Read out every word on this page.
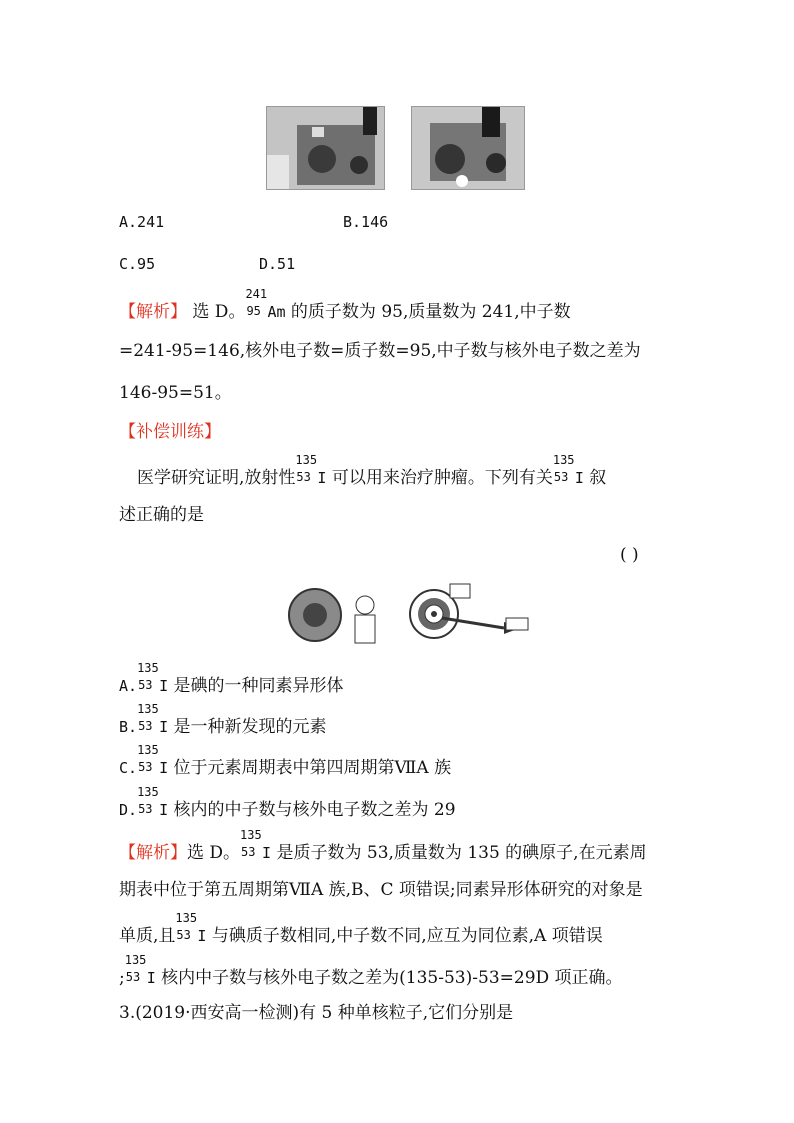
A.241	B.146
C.95	D.51
【解析】 选 D。
241
95 Am 的质子数为 95,质量数为 241,中子数
=241-95=146,核外电子数=质子数=95,中子数与核外电子数之差为
146-95=51。
【补偿训练】
医学研究证明,放射性
135
53 I 可以用来治疗肿瘤。下列有关
135
53 I 叙
述正确的是
( )
A.
135
53 I 是碘的一种同素异形体
B.
135
53 I 是一种新发现的元素
C.
135
53 I 位于元素周期表中第四周期第ⅦA 族
D.
135
53 I 核内的中子数与核外电子数之差为 29
【解析】选 D。
135
53 I 是质子数为 53,质量数为 135 的碘原子,在元素周
期表中位于第五周期第ⅦA 族,B、C 项错误;同素异形体研究的对象是
单质,且
135
53 I 与碘质子数相同,中子数不同,应互为同位素,A 项错误
;
135
53 I 核内中子数与核外电子数之差为(135-53)-53=29D 项正确。
3.(2019·西安高一检测)有 5 种单核粒子,它们分别是
